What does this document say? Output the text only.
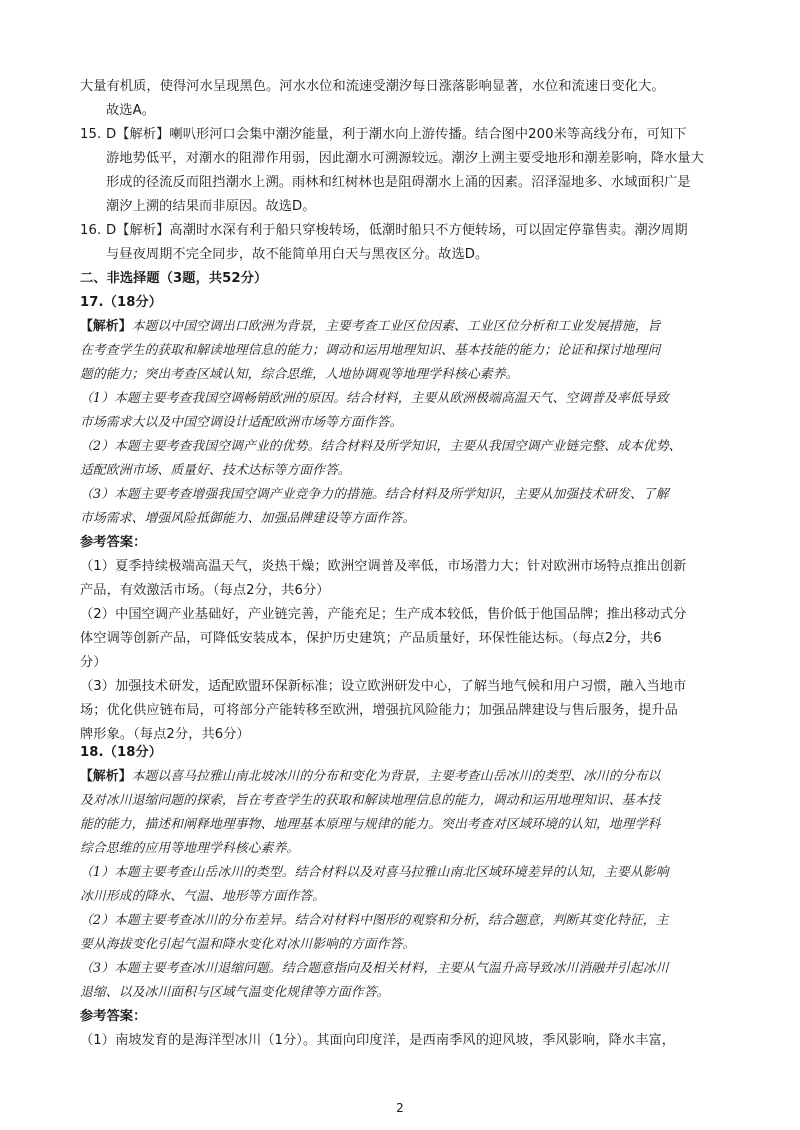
大量有机质，使得河水呈现黑色。河水水位和流速受潮汐每日涨落影响显著，水位和流速日变化大。

故选A。

15. D【解析】喇叭形河口会集中潮汐能量，利于潮水向上游传播。结合图中200米等高线分布，可知下

游地势低平，对潮水的阻滞作用弱，因此潮水可溯源较远。潮汐上溯主要受地形和潮差影响，降水量大

形成的径流反而阻挡潮水上溯。雨林和红树林也是阻碍潮水上涌的因素。沼泽湿地多、水域面积广是

潮汐上溯的结果而非原因。故选D。

16. D【解析】高潮时水深有利于船只穿梭转场，低潮时船只不方便转场，可以固定停靠售卖。潮汐周期

与昼夜周期不完全同步，故不能简单用白天与黑夜区分。故选D。

二、非选择题（3题，共52分）

17.（18分）

【解析】本题以中国空调出口欧洲为背景，主要考查工业区位因素、工业区位分析和工业发展措施，旨

在考查学生的获取和解读地理信息的能力；调动和运用地理知识、基本技能的能力；论证和探讨地理问

题的能力；突出考查区域认知，综合思维，人地协调观等地理学科核心素养。

（1）本题主要考查我国空调畅销欧洲的原因。结合材料，主要从欧洲极端高温天气、空调普及率低导致

市场需求大以及中国空调设计适配欧洲市场等方面作答。

（2）本题主要考查我国空调产业的优势。结合材料及所学知识，主要从我国空调产业链完整、成本优势、

适配欧洲市场、质量好、技术达标等方面作答。

（3）本题主要考查增强我国空调产业竞争力的措施。结合材料及所学知识，主要从加强技术研发、了解

市场需求、增强风险抵御能力、加强品牌建设等方面作答。

参考答案：

（1）夏季持续极端高温天气，炎热干燥；欧洲空调普及率低，市场潜力大；针对欧洲市场特点推出创新

产品，有效激活市场。（每点2分，共6分）

（2）中国空调产业基础好，产业链完善，产能充足；生产成本较低，售价低于他国品牌；推出移动式分

体空调等创新产品，可降低安装成本，保护历史建筑；产品质量好，环保性能达标。（每点2分，共6

分）

（3）加强技术研发，适配欧盟环保新标准；设立欧洲研发中心，了解当地气候和用户习惯，融入当地市

场；优化供应链布局，可将部分产能转移至欧洲，增强抗风险能力；加强品牌建设与售后服务，提升品

牌形象。（每点2分，共6分）

18.（18分）

【解析】本题以喜马拉雅山南北坡冰川的分布和变化为背景，主要考查山岳冰川的类型、冰川的分布以

及对冰川退缩问题的探索，旨在考查学生的获取和解读地理信息的能力，调动和运用地理知识、基本技

能的能力，描述和阐释地理事物、地理基本原理与规律的能力。突出考查对区域环境的认知，地理学科

综合思维的应用等地理学科核心素养。

（1）本题主要考查山岳冰川的类型。结合材料以及对喜马拉雅山南北区域环境差异的认知，主要从影响

冰川形成的降水、气温、地形等方面作答。

（2）本题主要考查冰川的分布差异。结合对材料中图形的观察和分析，结合题意，判断其变化特征，主

要从海拔变化引起气温和降水变化对冰川影响的方面作答。

（3）本题主要考查冰川退缩问题。结合题意指向及相关材料，主要从气温升高导致冰川消融并引起冰川

退缩、以及冰川面积与区域气温变化规律等方面作答。

参考答案：

（1）南坡发育的是海洋型冰川（1分）。其面向印度洋，是西南季风的迎风坡，季风影响，降水丰富，

2
